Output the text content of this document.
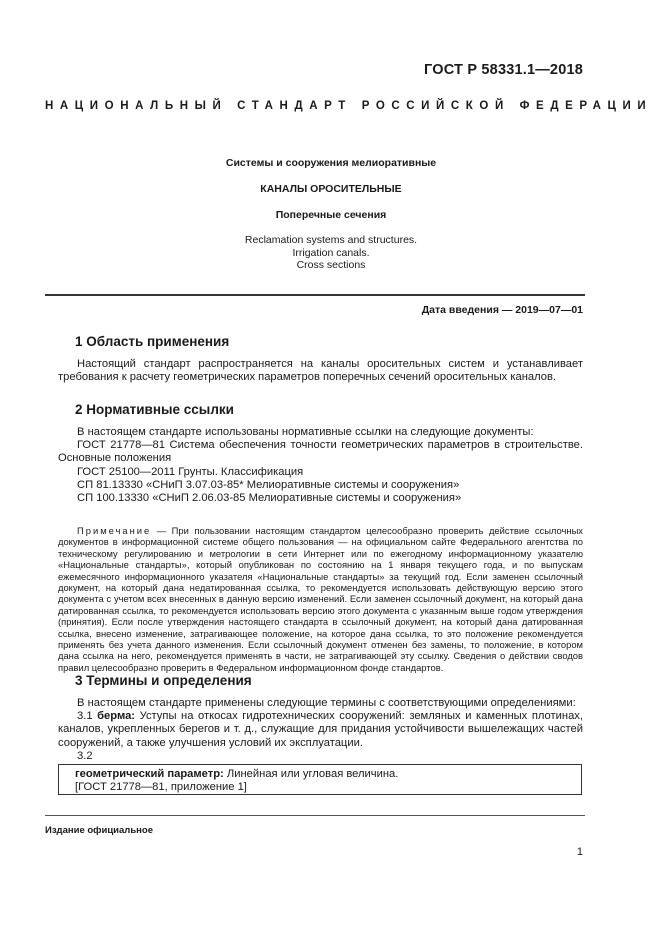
ГОСТ Р 58331.1—2018
НАЦИОНАЛЬНЫЙ СТАНДАРТ РОССИЙСКОЙ ФЕДЕРАЦИИ
Системы и сооружения мелиоративные
КАНАЛЫ ОРОСИТЕЛЬНЫЕ
Поперечные сечения
Reclamation systems and structures.
Irrigation canals.
Cross sections
Дата введения — 2019—07—01
1 Область применения

Настоящий стандарт распространяется на каналы оросительных систем и устанавливает требования к расчету геометрических параметров поперечных сечений оросительных каналов.

2 Нормативные ссылки

В настоящем стандарте использованы нормативные ссылки на следующие документы:

ГОСТ 21778—81 Система обеспечения точности геометрических параметров в строительстве. Основные положения

ГОСТ 25100—2011 Грунты. Классификация

СП 81.13330 «СНиП 3.07.03-85* Мелиоративные системы и сооружения»

СП 100.13330 «СНиП 2.06.03-85 Мелиоративные системы и сооружения»

Примечание — При пользовании настоящим стандартом целесообразно проверить действие ссылочных документов в информационной системе общего пользования — на официальном сайте Федерального агентства по техническому регулированию и метрологии в сети Интернет или по ежегодному информационному указателю «Национальные стандарты», который опубликован по состоянию на 1 января текущего года, и по выпускам ежемесячного информационного указателя «Национальные стандарты» за текущий год. Если заменен ссылочный документ, на который дана недатированная ссылка, то рекомендуется использовать действующую версию этого документа с учетом всех внесенных в данную версию изменений. Если заменен ссылочный документ, на который дана датированная ссылка, то рекомендуется использовать версию этого документа с указанным выше годом утверждения (принятия). Если после утверждения настоящего стандарта в ссылочный документ, на который дана датированная ссылка, внесено изменение, затрагивающее положение, на которое дана ссылка, то это положение рекомендуется применять без учета данного изменения. Если ссылочный документ отменен без замены, то положение, в котором дана ссылка на него, рекомендуется применять в части, не затрагивающей эту ссылку. Сведения о действии сводов правил целесообразно проверить в Федеральном информационном фонде стандартов.

3 Термины и определения

В настоящем стандарте применены следующие термины с соответствующими определениями:

3.1 берма: Уступы на откосах гидротехнических сооружений: земляных и каменных плотинах, каналов, укрепленных берегов и т. д., служащие для придания устойчивости вышележащих частей сооружений, а также улучшения условий их эксплуатации.

3.2

геометрический параметр: Линейная или угловая величина.
[ГОСТ 21778—81, приложение 1]
Издание официальное
1
